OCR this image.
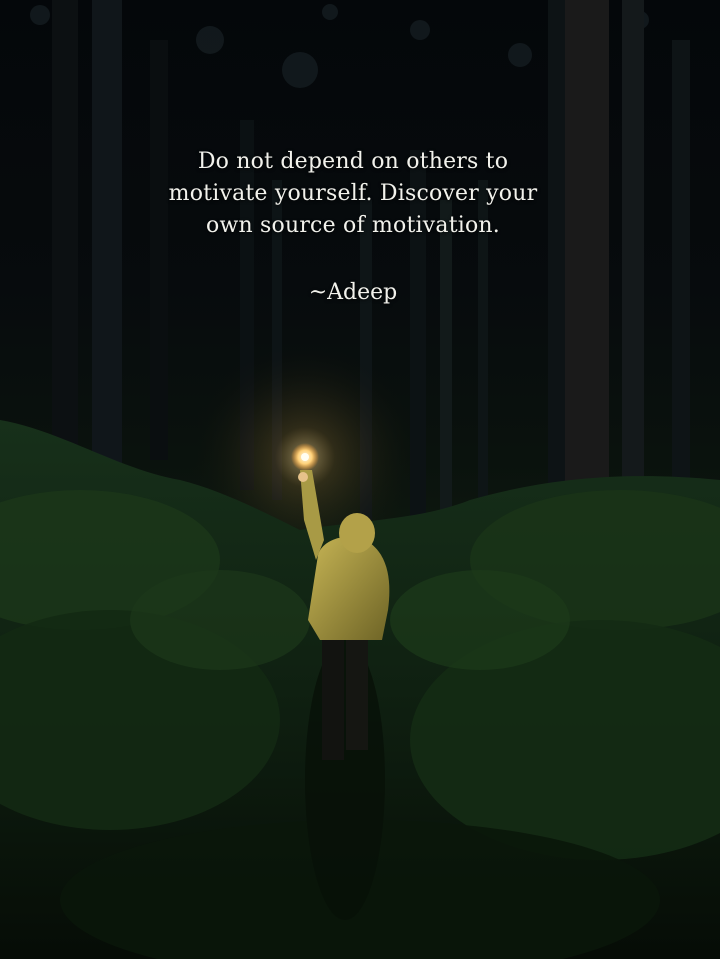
Do not depend on others to
motivate yourself. Discover your
own source of motivation.
~Adeep
